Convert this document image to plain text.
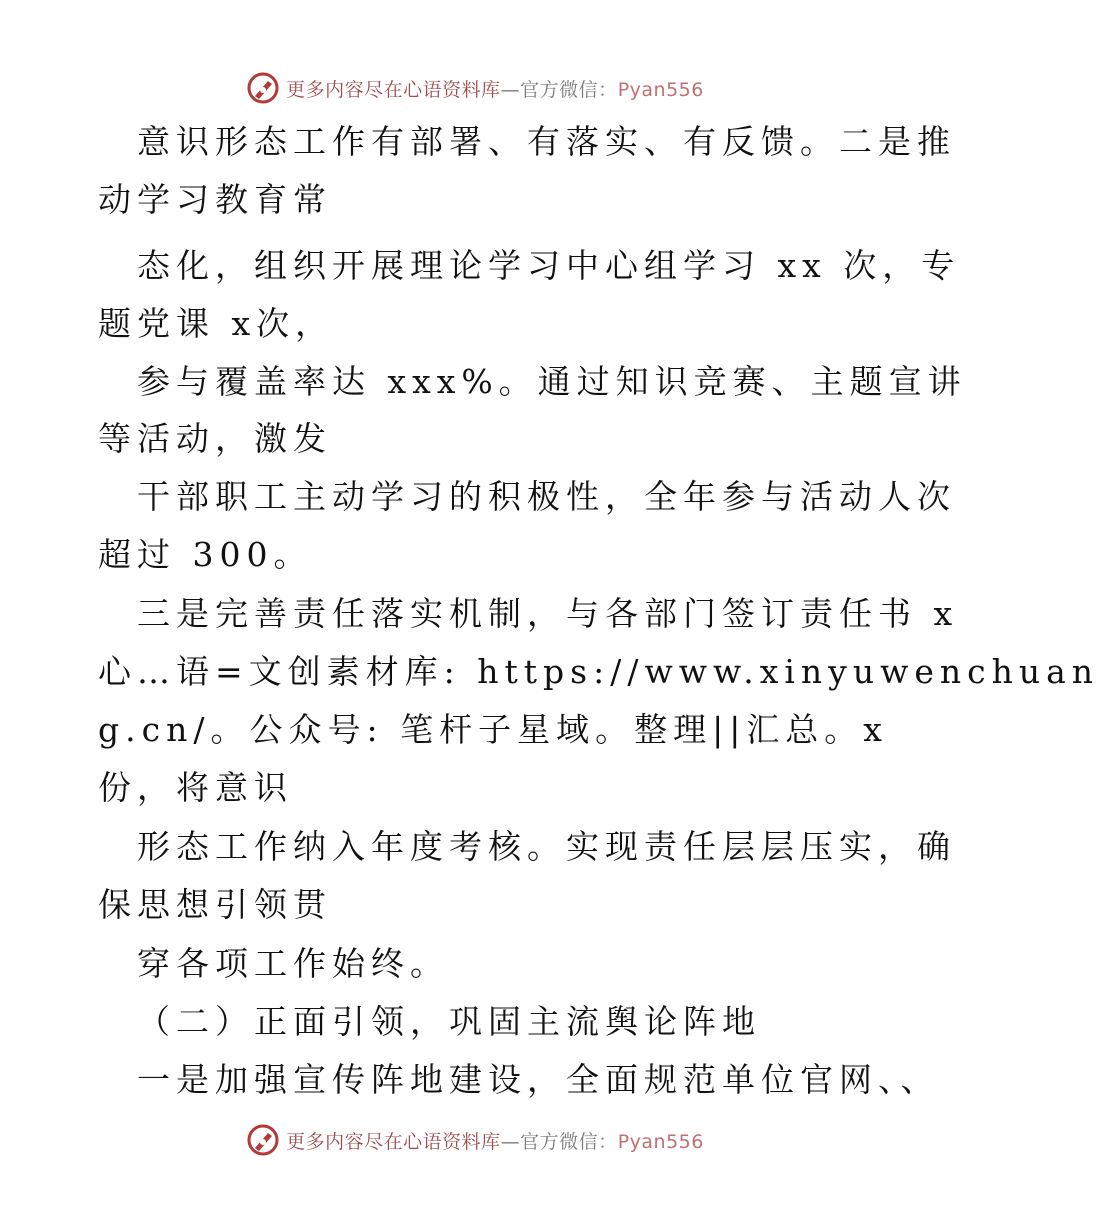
更多内容尽在心语资料库—官方微信：Pyan556
意识形态工作有部署、有落实、有反馈。二是推
动学习教育常
态化，组织开展理论学习中心组学习 xx 次，专
题党课 x次，
参与覆盖率达 xxx%。通过知识竞赛、主题宣讲
等活动，激发
干部职工主动学习的积极性，全年参与活动人次
超过 300。
三是完善责任落实机制，与各部门签订责任书 x
心…语=文创素材库: https://www.xinyuwenchuan
g.cn/。公众号: 笔杆子星域。整理||汇总。x
份，将意识
形态工作纳入年度考核。实现责任层层压实，确
保思想引领贯
穿各项工作始终。
（二）正面引领，巩固主流舆论阵地
一是加强宣传阵地建设，全面规范单位官网、、
更多内容尽在心语资料库—官方微信：Pyan556
